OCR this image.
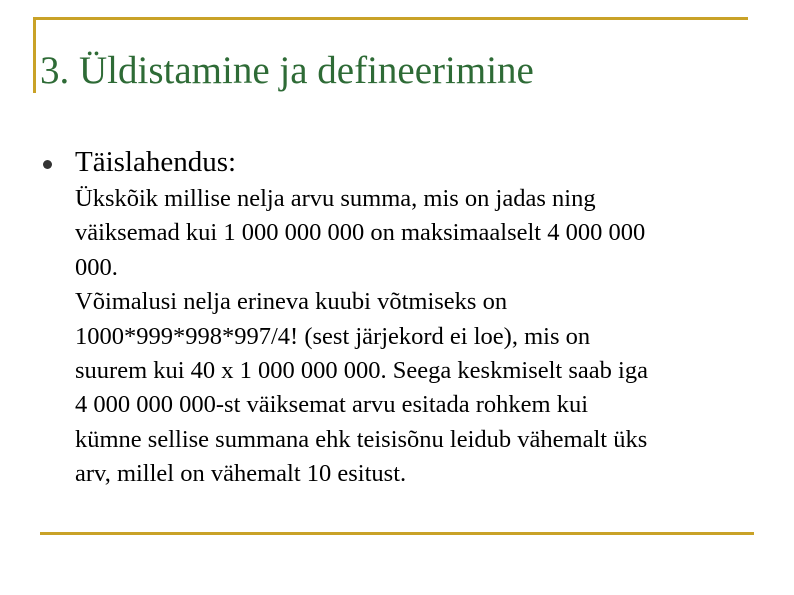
3. Üldistamine ja defineerimine
Täislahendus:
Ükskõik millise nelja arvu summa, mis on jadas ning
väiksemad kui 1 000 000 000 on maksimaalselt 4 000 000
000.
Võimalusi nelja erineva kuubi võtmiseks on
1000*999*998*997/4! (sest järjekord ei loe), mis on
suurem kui 40 x 1 000 000 000. Seega keskmiselt saab iga
4 000 000 000-st väiksemat arvu esitada rohkem kui
kümne sellise summana ehk teisisõnu leidub vähemalt üks
arv, millel on vähemalt 10 esitust.
